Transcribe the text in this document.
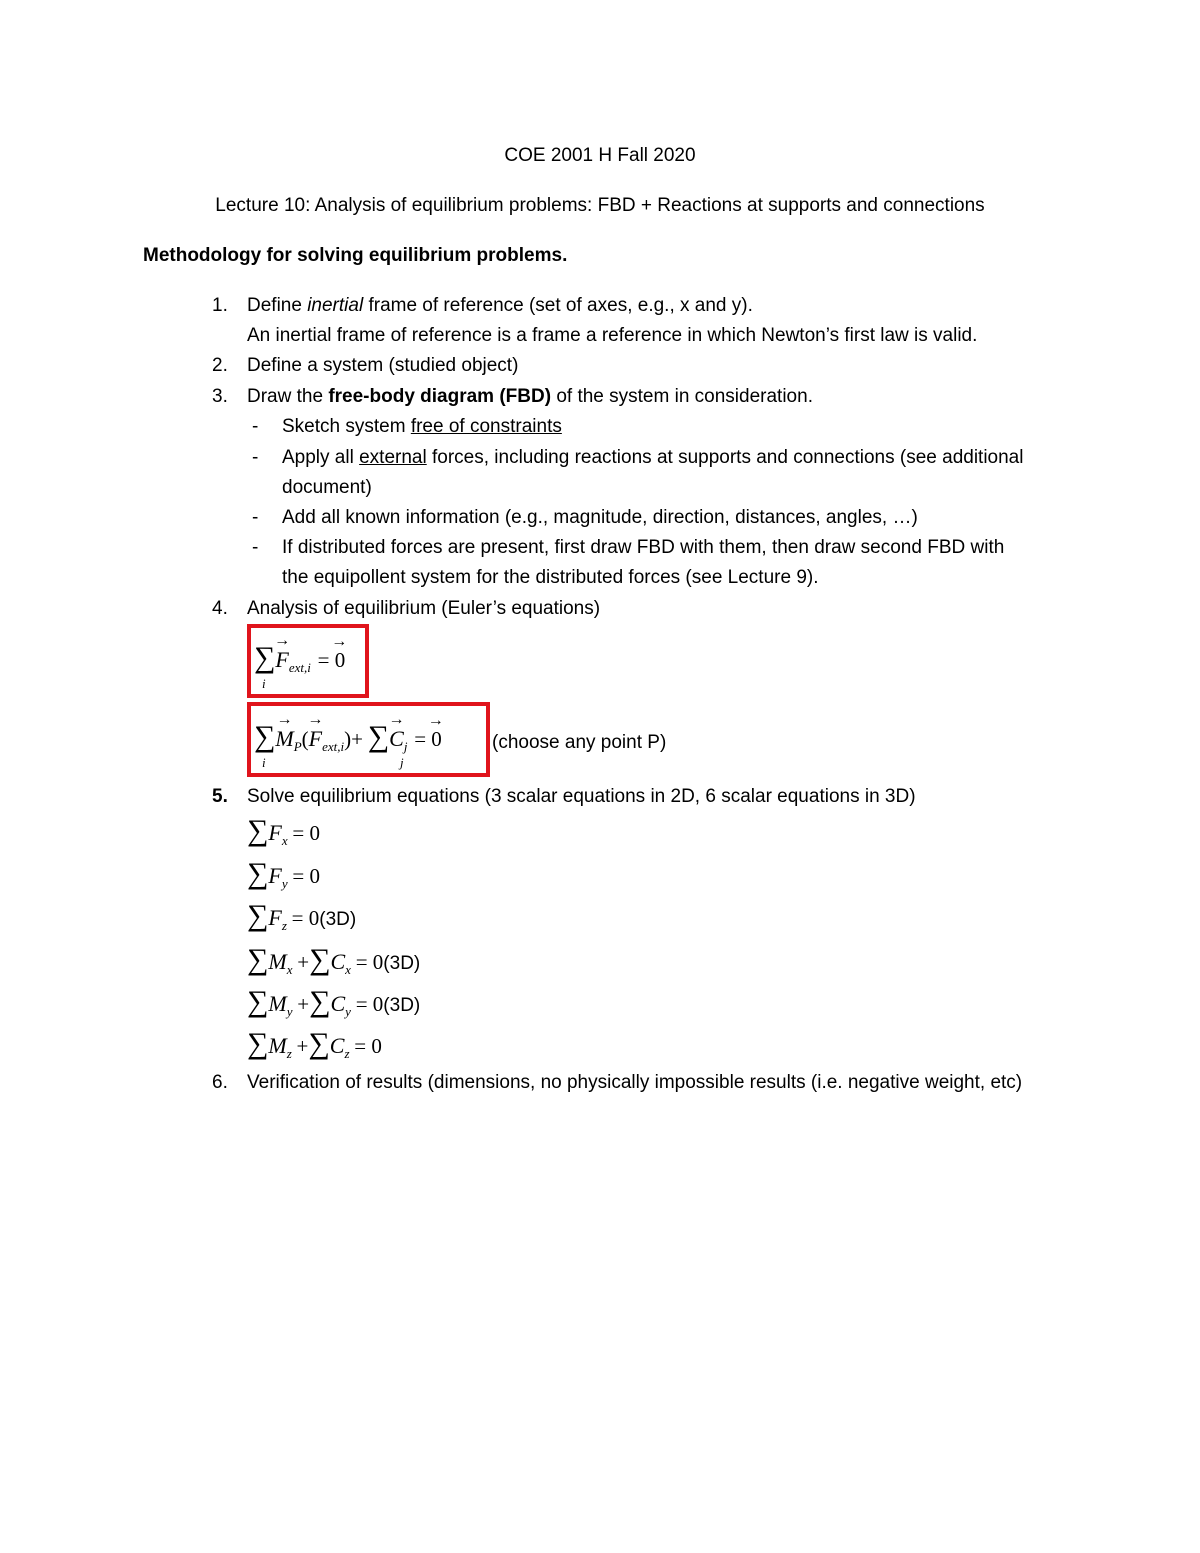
COE 2001 H Fall 2020
Lecture 10: Analysis of equilibrium problems: FBD + Reactions at supports and connections
Methodology for solving equilibrium problems.
1. Define inertial frame of reference (set of axes, e.g., x and y).
An inertial frame of reference is a frame a reference in which Newton’s first law is valid.
2. Define a system (studied object)
3. Draw the free-body diagram (FBD) of the system in consideration.
- Sketch system free of constraints
- Apply all external forces, including reactions at supports and connections (see additional
document)
- Add all known information (e.g., magnitude, direction, distances, angles, …)
- If distributed forces are present, first draw FBD with them, then draw second FBD with
the equipollent system for the distributed forces (see Lecture 9).
4. Analysis of equilibrium (Euler’s equations)
∑
→
$F_{ext,i}$
→
= 0
i
∑
→
$M_P$(
→
$F_{ext,i})+$ ∑
→
$C_j$
→
= 0
i	j
(choose any point P)
5. Solve equilibrium equations (3 scalar equations in 2D, 6 scalar equations in 3D)
$\sum F_x = 0$
$\sum F_y = 0$
$\sum F_z = 0(3D)$
$\sum M_x +\sum C_x = 0(3D)$
$\sum M_y +\sum C_y = 0(3D)$
$\sum M_z +\sum C_z = 0$
6. Verification of results (dimensions, no physically impossible results (i.e. negative weight, etc)
